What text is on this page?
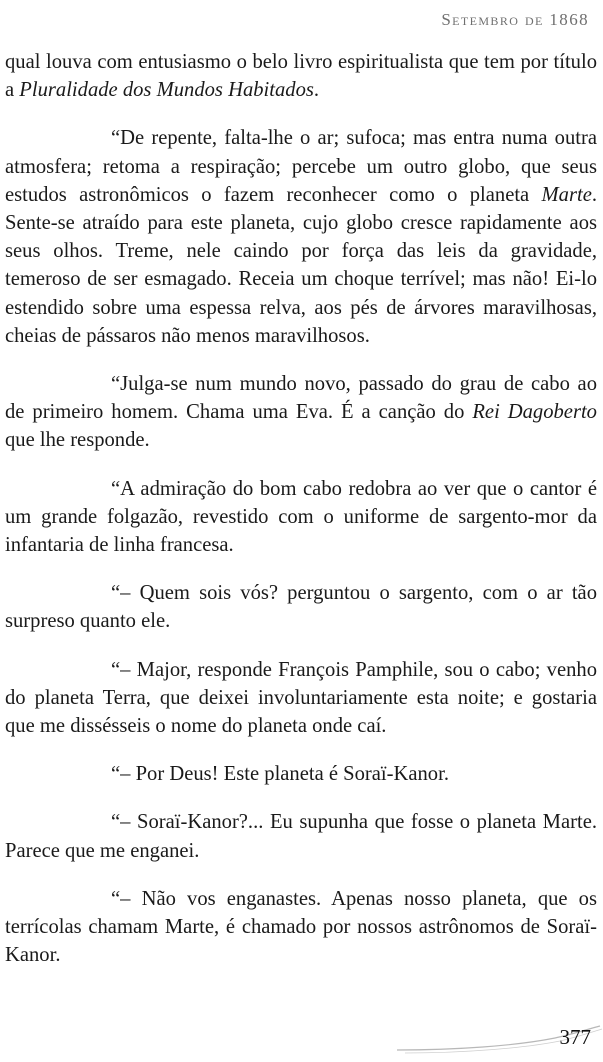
Setembro de 1868

qual louva com entusiasmo o belo livro espiritualista que tem por título a Pluralidade dos Mundos Habitados.

“De repente, falta-lhe o ar; sufoca; mas entra numa outra atmosfera; retoma a respiração; percebe um outro globo, que seus estudos astronômicos o fazem reconhecer como o planeta Marte. Sente-se atraído para este planeta, cujo globo cresce rapidamente aos seus olhos. Treme, nele caindo por força das leis da gravidade, temeroso de ser esmagado. Receia um choque terrível; mas não! Ei-lo estendido sobre uma espessa relva, aos pés de árvores maravilhosas, cheias de pássaros não menos maravilhosos.

“Julga-se num mundo novo, passado do grau de cabo ao de primeiro homem. Chama uma Eva. É a canção do Rei Dagoberto que lhe responde.

“A admiração do bom cabo redobra ao ver que o cantor é um grande folgazão, revestido com o uniforme de sargento-mor da infantaria de linha francesa.

“– Quem sois vós? perguntou o sargento, com o ar tão surpreso quanto ele.

“– Major, responde François Pamphile, sou o cabo; venho do planeta Terra, que deixei involuntariamente esta noite; e gostaria que me dissésseis o nome do planeta onde caí.

“– Por Deus! Este planeta é Soraï-Kanor.

“– Soraï-Kanor?... Eu supunha que fosse o planeta Marte. Parece que me enganei.

“– Não vos enganastes. Apenas nosso planeta, que os terrícolas chamam Marte, é chamado por nossos astrônomos de Soraï-Kanor.

377
